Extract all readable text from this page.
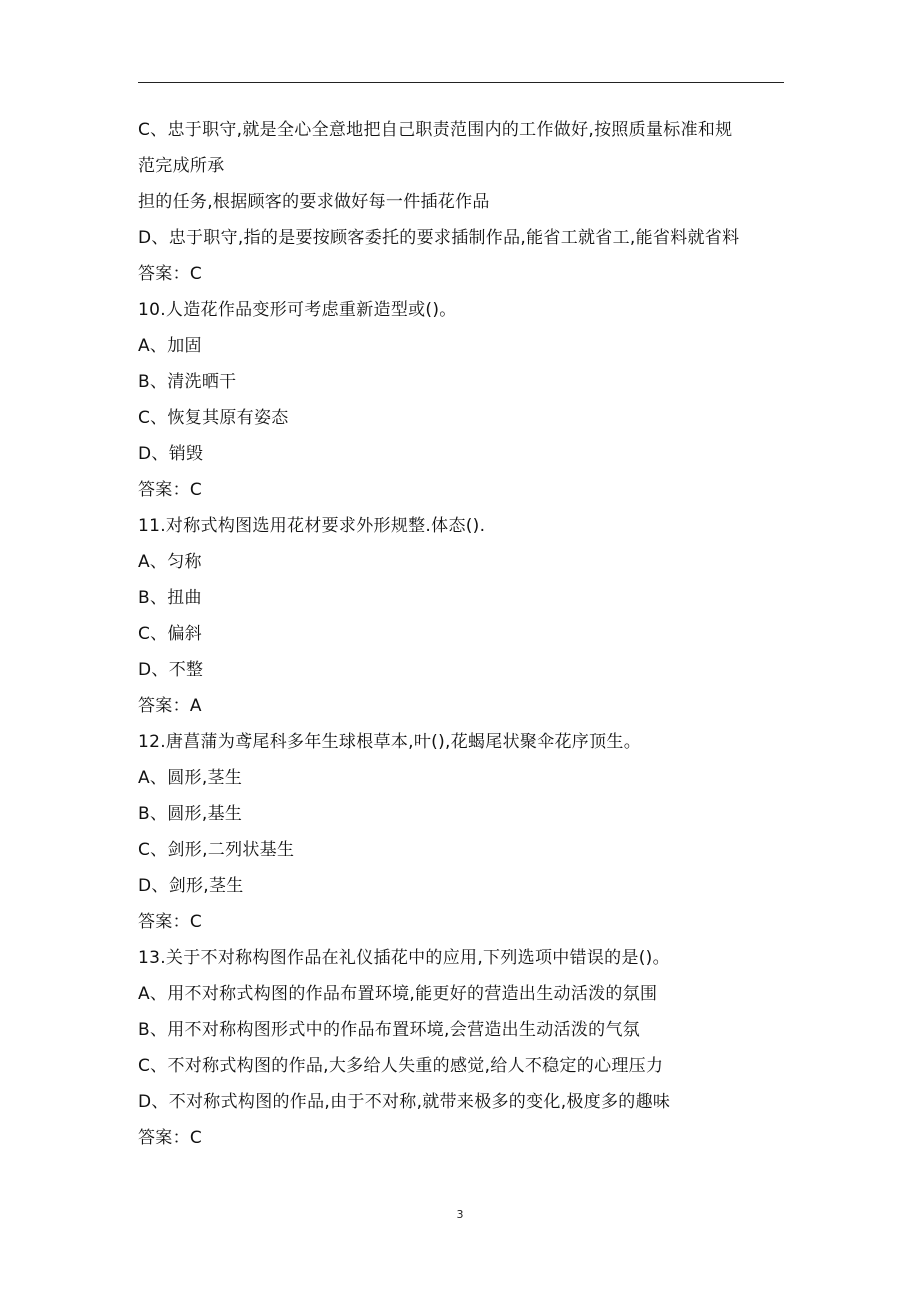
C、忠于职守,就是全心全意地把自己职责范围内的工作做好,按照质量标准和规
范完成所承
担的任务,根据顾客的要求做好每一件插花作品
D、忠于职守,指的是要按顾客委托的要求插制作品,能省工就省工,能省料就省料
答案：C
10.人造花作品变形可考虑重新造型或()。
A、加固
B、清洗晒干
C、恢复其原有姿态
D、销毁
答案：C
11.对称式构图选用花材要求外形规整.体态().
A、匀称
B、扭曲
C、偏斜
D、不整
答案：A
12.唐菖蒲为鸢尾科多年生球根草本,叶(),花蝎尾状聚伞花序顶生。
A、圆形,茎生
B、圆形,基生
C、剑形,二列状基生
D、剑形,茎生
答案：C
13.关于不对称构图作品在礼仪插花中的应用,下列选项中错误的是()。
A、用不对称式构图的作品布置环境,能更好的营造出生动活泼的氛围
B、用不对称构图形式中的作品布置环境,会营造出生动活泼的气氛
C、不对称式构图的作品,大多给人失重的感觉,给人不稳定的心理压力
D、不对称式构图的作品,由于不对称,就带来极多的变化,极度多的趣味
答案：C
3
